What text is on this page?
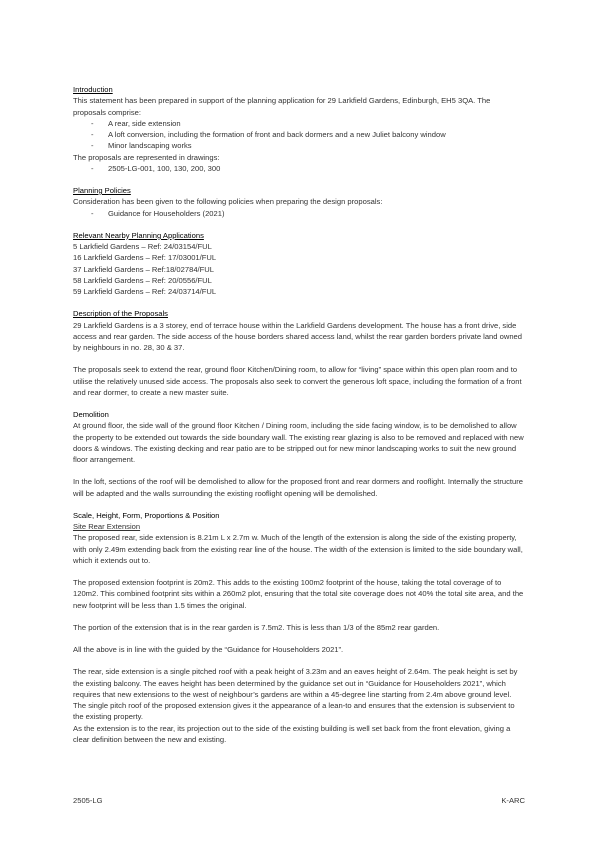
Introduction

This statement has been prepared in support of the planning application for 29 Larkfield Gardens, Edinburgh, EH5 3QA. The proposals comprise:

- A rear, side extension
- A loft conversion, including the formation of front and back dormers and a new Juliet balcony window
- Minor landscaping works

The proposals are represented in drawings:

- 2505-LG-001, 100, 130, 200, 300
Planning Policies

Consideration has been given to the following policies when preparing the design proposals:

- Guidance for Householders (2021)
Relevant Nearby Planning Applications
5 Larkfield Gardens – Ref: 24/03154/FUL
16 Larkfield Gardens – Ref: 17/03001/FUL
37 Larkfield Gardens – Ref:18/02784/FUL
58 Larkfield Gardens – Ref: 20/0556/FUL
59 Larkfield Gardens – Ref: 24/03714/FUL
Description of the Proposals

29 Larkfield Gardens is a 3 storey, end of terrace house within the Larkfield Gardens development. The house has a front drive, side access and rear garden. The side access of the house borders shared access land, whilst the rear garden borders private land owned by neighbours in no. 28, 30 & 37.

The proposals seek to extend the rear, ground floor Kitchen/Dining room, to allow for “living” space within this open plan room and to utilise the relatively unused side access. The proposals also seek to convert the generous loft space, including the formation of a front and rear dormer, to create a new master suite.

Demolition

At ground floor, the side wall of the ground floor Kitchen / Dining room, including the side facing window, is to be demolished to allow the property to be extended out towards the side boundary wall. The existing rear glazing is also to be removed and replaced with new doors & windows. The existing decking and rear patio are to be stripped out for new minor landscaping works to suit the new ground floor arrangement.

In the loft, sections of the roof will be demolished to allow for the proposed front and rear dormers and rooflight. Internally the structure will be adapted and the walls surrounding the existing rooflight opening will be demolished.

Scale, Height, Form, Proportions & Position
Site Rear Extension

The proposed rear, side extension is 8.21m L x 2.7m w. Much of the length of the extension is along the side of the existing property, with only 2.49m extending back from the existing rear line of the house. The width of the extension is limited to the side boundary wall, which it extends out to.

The proposed extension footprint is 20m2. This adds to the existing 100m2 footprint of the house, taking the total coverage of to 120m2. This combined footprint sits within a 260m2 plot, ensuring that the total site coverage does not 40% the total site area, and the new footprint will be less than 1.5 times the original.

The portion of the extension that is in the rear garden is 7.5m2. This is less than 1/3 of the 85m2 rear garden.

All the above is in line with the guided by the “Guidance for Householders 2021”.

The rear, side extension is a single pitched roof with a peak height of 3.23m and an eaves height of 2.64m. The peak height is set by the existing balcony. The eaves height has been determined by the guidance set out in “Guidance for Householders 2021”, which requires that new extensions to the west of neighbour’s gardens are within a 45-degree line starting from 2.4m above ground level. The single pitch roof of the proposed extension gives it the appearance of a lean-to and ensures that the extension is subservient to the existing property.

As the extension is to the rear, its projection out to the side of the existing building is well set back from the front elevation, giving a clear definition between the new and existing.

2505-LG	K-ARC
